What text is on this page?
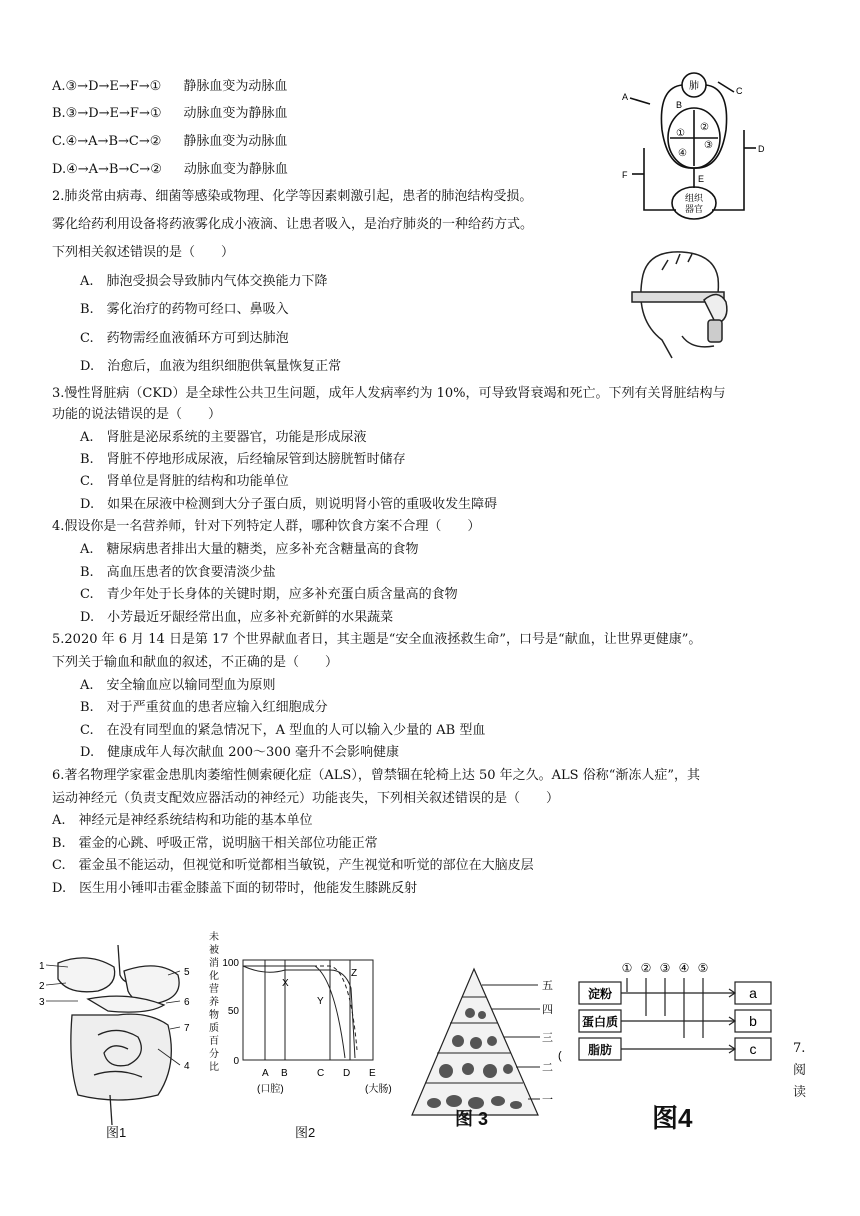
A.③→D→E→F→① 静脉血变为动脉血
B.③→D→E→F→① 动脉血变为静脉血
C.④→A→B→C→② 静脉血变为动脉血
D.④→A→B→C→② 动脉血变为静脉血
肺
组织
器官
A
B
C
D
E
F
①
②
③
④
2.肺炎常由病毒、细菌等感染或物理、化学等因素刺激引起，患者的肺泡结构受损。
雾化给药利用设备将药液雾化成小液滴、让患者吸入，是治疗肺炎的一种给药方式。
下列相关叙述错误的是（　　）
A.　肺泡受损会导致肺内气体交换能力下降
B.　雾化治疗的药物可经口、鼻吸入
C.　药物需经血液循环方可到达肺泡
D.　治愈后，血液为组织细胞供氧量恢复正常
3.慢性肾脏病（CKD）是全球性公共卫生问题，成年人发病率约为 10%，可导致肾衰竭和死亡。下列有关肾脏结构与
功能的说法错误的是（　　）
A.　肾脏是泌尿系统的主要器官，功能是形成尿液
B.　肾脏不停地形成尿液，后经输尿管到达膀胱暂时储存
C.　肾单位是肾脏的结构和功能单位
D.　如果在尿液中检测到大分子蛋白质，则说明肾小管的重吸收发生障碍
4.假设你是一名营养师，针对下列特定人群，哪种饮食方案不合理（　　）
A.　糖尿病患者排出大量的糖类，应多补充含糖量高的食物
B.　高血压患者的饮食要清淡少盐
C.　青少年处于长身体的关键时期，应多补充蛋白质含量高的食物
D.　小芳最近牙龈经常出血，应多补充新鲜的水果蔬菜
5.2020 年 6 月 14 日是第 17 个世界献血者日，其主题是“安全血液拯救生命”，口号是“献血，让世界更健康”。
下列关于输血和献血的叙述，不正确的是（　　）
A.　安全输血应以输同型血为原则
B.　对于严重贫血的患者应输入红细胞成分
C.　在没有同型血的紧急情况下，A 型血的人可以输入少量的 AB 型血
D.　健康成年人每次献血 200～300 毫升不会影响健康
6.著名物理学家霍金患肌肉萎缩性侧索硬化症（ALS），曾禁锢在轮椅上达 50 年之久。ALS 俗称“渐冻人症”，其
运动神经元（负责支配效应器活动的神经元）功能丧失，下列相关叙述错误的是（　　）
A.　神经元是神经系统结构和功能的基本单位
B.　霍金的心跳、呼吸正常，说明脑干相关部位功能正常
C.　霍金虽不能运动，但视觉和听觉都相当敏锐，产生视觉和听觉的部位在大脑皮层
D.　医生用小锤叩击霍金膝盖下面的韧带时，他能发生膝跳反射
1
2
3
4
5
6
7
图1
未
被
消
化
营
养
物
质
百
分
比
100
50
0
A B	C D E
(口腔)	(大肠)
X
Y
Z
图2
五
四
三
二
一
(
图 3
① ② ③ ④ ⑤
淀粉
蛋白质
脂肪
a
b
c
图4
7.
阅
读
